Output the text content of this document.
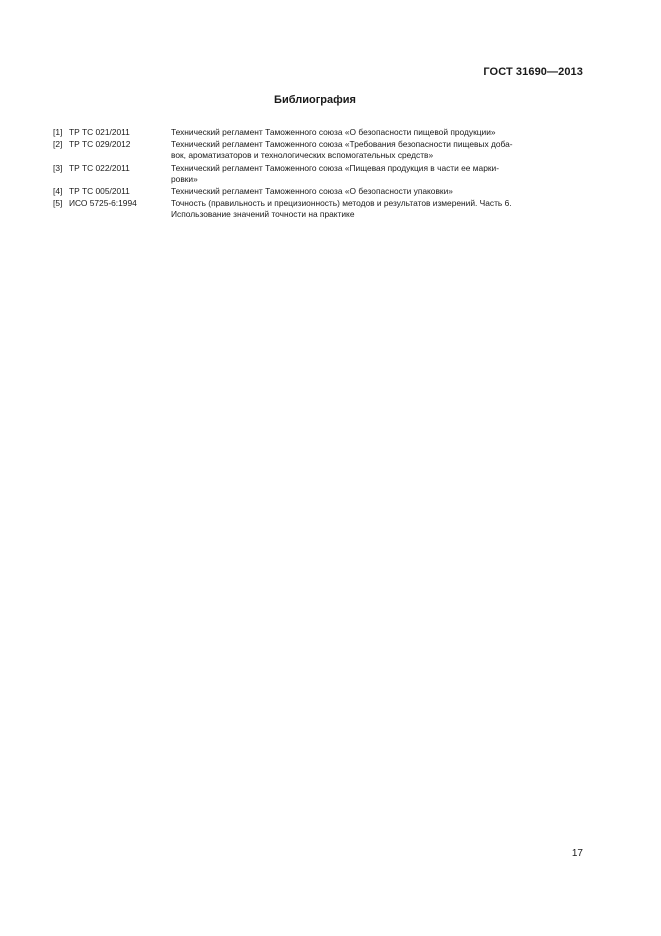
ГОСТ 31690—2013
Библиография
[1] ТР ТС 021/2011	Технический регламент Таможенного союза «О безопасности пищевой продукции»
[2] ТР ТС 029/2012	Технический регламент Таможенного союза «Требования безопасности пищевых доба-
вок, ароматизаторов и технологических вспомогательных средств»
[3] ТР ТС 022/2011	Технический регламент Таможенного союза «Пищевая продукция в части ее марки-
ровки»
[4] ТР ТС 005/2011	Технический регламент Таможенного союза «О безопасности упаковки»
[5] ИСО 5725-6:1994	Точность (правильность и прецизионность) методов и результатов измерений. Часть 6.
Использование значений точности на практике
17
